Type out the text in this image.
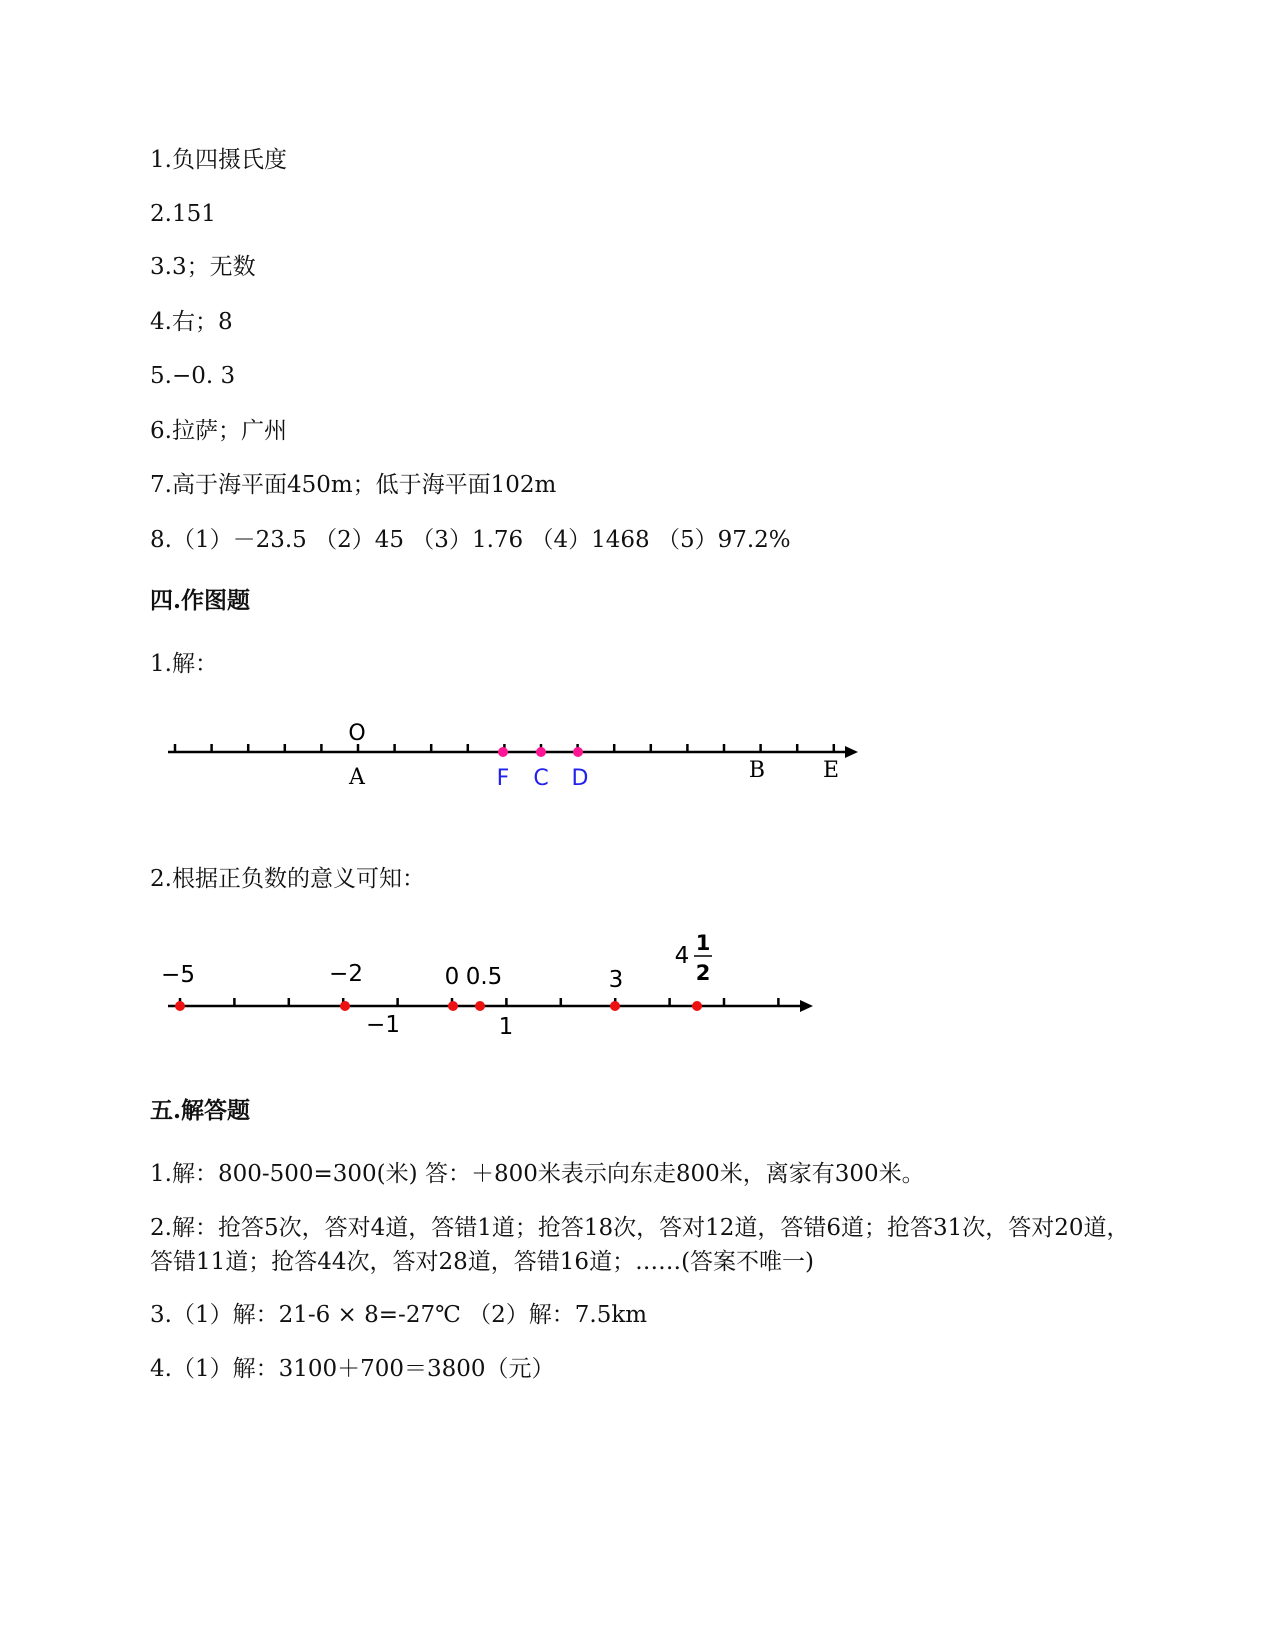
1.负四摄氏度
2.151
3.3；无数
4.右；8
5.−0. 3
6.拉萨；广州
7.高于海平面450m；低于海平面102m
8.（1）－23.5 （2）45 （3）1.76 （4）1468 （5）97.2%
四.作图题
1.解：
O
A	B	E
F C D
2.根据正负数的意义可知：
−5	−2	0 0.5	3
4 1
2
−1	1
五.解答题
1.解：800-500=300(米) 答：＋800米表示向东走800米，离家有300米。
2.解：抢答5次，答对4道，答错1道；抢答18次，答对12道，答错6道；抢答31次，答对20道，答错11道；抢答44次，答对28道，答错16道；……(答案不唯一)
3.（1）解：21-6 × 8=-27℃ （2）解：7.5km
4.（1）解：3100＋700＝3800（元）
